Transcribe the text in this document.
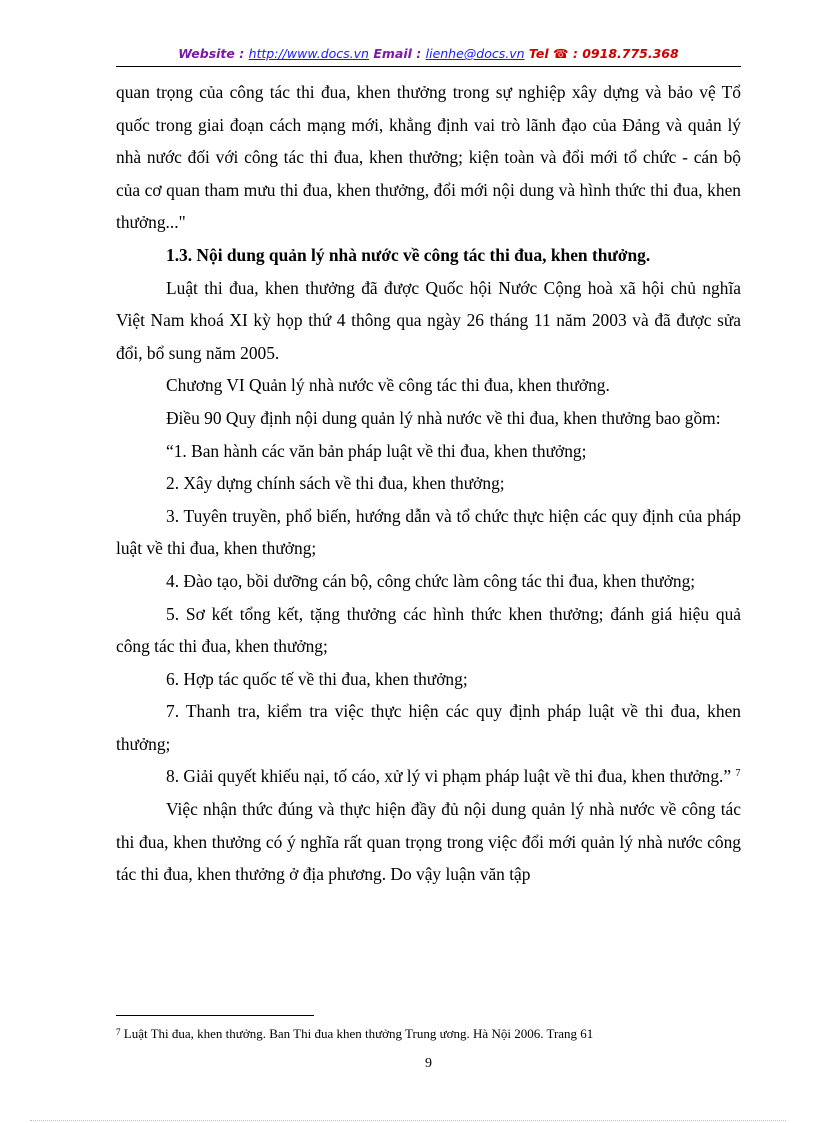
Website : http://www.docs.vn Email : lienhe@docs.vn Tel ☎ : 0918.775.368

quan trọng của công tác thi đua, khen thưởng trong sự nghiệp xây dựng và bảo vệ Tổ quốc trong giai đoạn cách mạng mới, khẳng định vai trò lãnh đạo của Đảng và quản lý nhà nước đối với công tác thi đua, khen thưởng; kiện toàn và đổi mới tổ chức - cán bộ của cơ quan tham mưu thi đua, khen thưởng, đổi mới nội dung và hình thức thi đua, khen thưởng..."

1.3. Nội dung quản lý nhà nước về công tác thi đua, khen thưởng.

Luật thi đua, khen thưởng đã được Quốc hội Nước Cộng hoà xã hội chủ nghĩa Việt Nam khoá XI kỳ họp thứ 4 thông qua ngày 26 tháng 11 năm 2003 và đã được sửa đổi, bổ sung năm 2005.

Chương VI Quản lý nhà nước về công tác thi đua, khen thưởng.

Điều 90 Quy định nội dung quản lý nhà nước về thi đua, khen thưởng bao gồm:

“1. Ban hành các văn bản pháp luật về thi đua, khen thưởng;

2. Xây dựng chính sách về thi đua, khen thưởng;

3. Tuyên truyền, phổ biến, hướng dẫn và tổ chức thực hiện các quy định của pháp luật về thi đua, khen thưởng;

4. Đào tạo, bồi dưỡng cán bộ, công chức làm công tác thi đua, khen thưởng;

5. Sơ kết tổng kết, tặng thưởng các hình thức khen thưởng; đánh giá hiệu quả công tác thi đua, khen thưởng;

6. Hợp tác quốc tế về thi đua, khen thưởng;

7. Thanh tra, kiểm tra việc thực hiện các quy định pháp luật về thi đua, khen thưởng;

8. Giải quyết khiếu nại, tố cáo, xử lý vi phạm pháp luật về thi đua, khen thưởng.” $^7$

Việc nhận thức đúng và thực hiện đầy đủ nội dung quản lý nhà nước về công tác thi đua, khen thưởng có ý nghĩa rất quan trọng trong việc đổi mới quản lý nhà nước công tác thi đua, khen thưởng ở địa phương. Do vậy luận văn tập

$^7$ Luật Thi đua, khen thưởng. Ban Thi đua khen thưởng Trung ương. Hà Nội 2006. Trang 61
9
